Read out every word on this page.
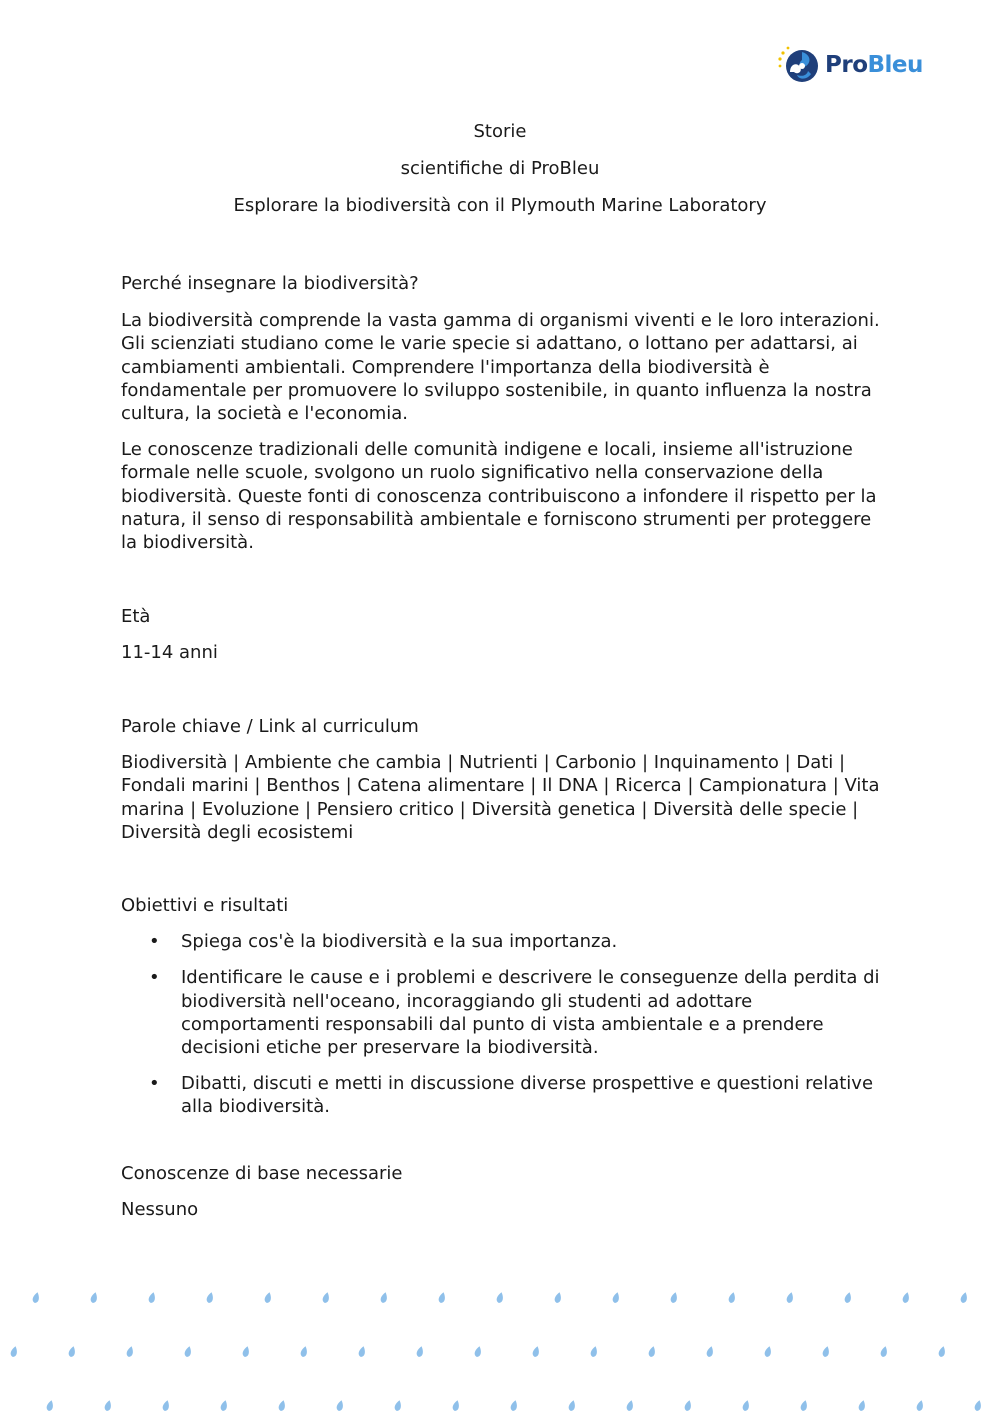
ProBleu
Storie
scientifiche di ProBleu
Esplorare la biodiversità con il Plymouth Marine Laboratory

Perché insegnare la biodiversità?

La biodiversità comprende la vasta gamma di organismi viventi e le loro interazioni. Gli scienziati studiano come le varie specie si adattano, o lottano per adattarsi, ai cambiamenti ambientali. Comprendere l'importanza della biodiversità è fondamentale per promuovere lo sviluppo sostenibile, in quanto influenza la nostra cultura, la società e l'economia.

Le conoscenze tradizionali delle comunità indigene e locali, insieme all'istruzione formale nelle scuole, svolgono un ruolo significativo nella conservazione della biodiversità. Queste fonti di conoscenza contribuiscono a infondere il rispetto per la natura, il senso di responsabilità ambientale e forniscono strumenti per proteggere la biodiversità.

Età

11-14 anni

Parole chiave / Link al curriculum

Biodiversità | Ambiente che cambia | Nutrienti | Carbonio | Inquinamento | Dati | Fondali marini | Benthos | Catena alimentare | Il DNA | Ricerca | Campionatura | Vita marina | Evoluzione | Pensiero critico | Diversità genetica | Diversità delle specie | Diversità degli ecosistemi

Obiettivi e risultati

• Spiega cos'è la biodiversità e la sua importanza.
• Identificare le cause e i problemi e descrivere le conseguenze della perdita di biodiversità nell'oceano, incoraggiando gli studenti ad adottare comportamenti responsabili dal punto di vista ambientale e a prendere decisioni etiche per preservare la biodiversità.
• Dibatti, discuti e metti in discussione diverse prospettive e questioni relative alla biodiversità.

Conoscenze di base necessarie

Nessuno
